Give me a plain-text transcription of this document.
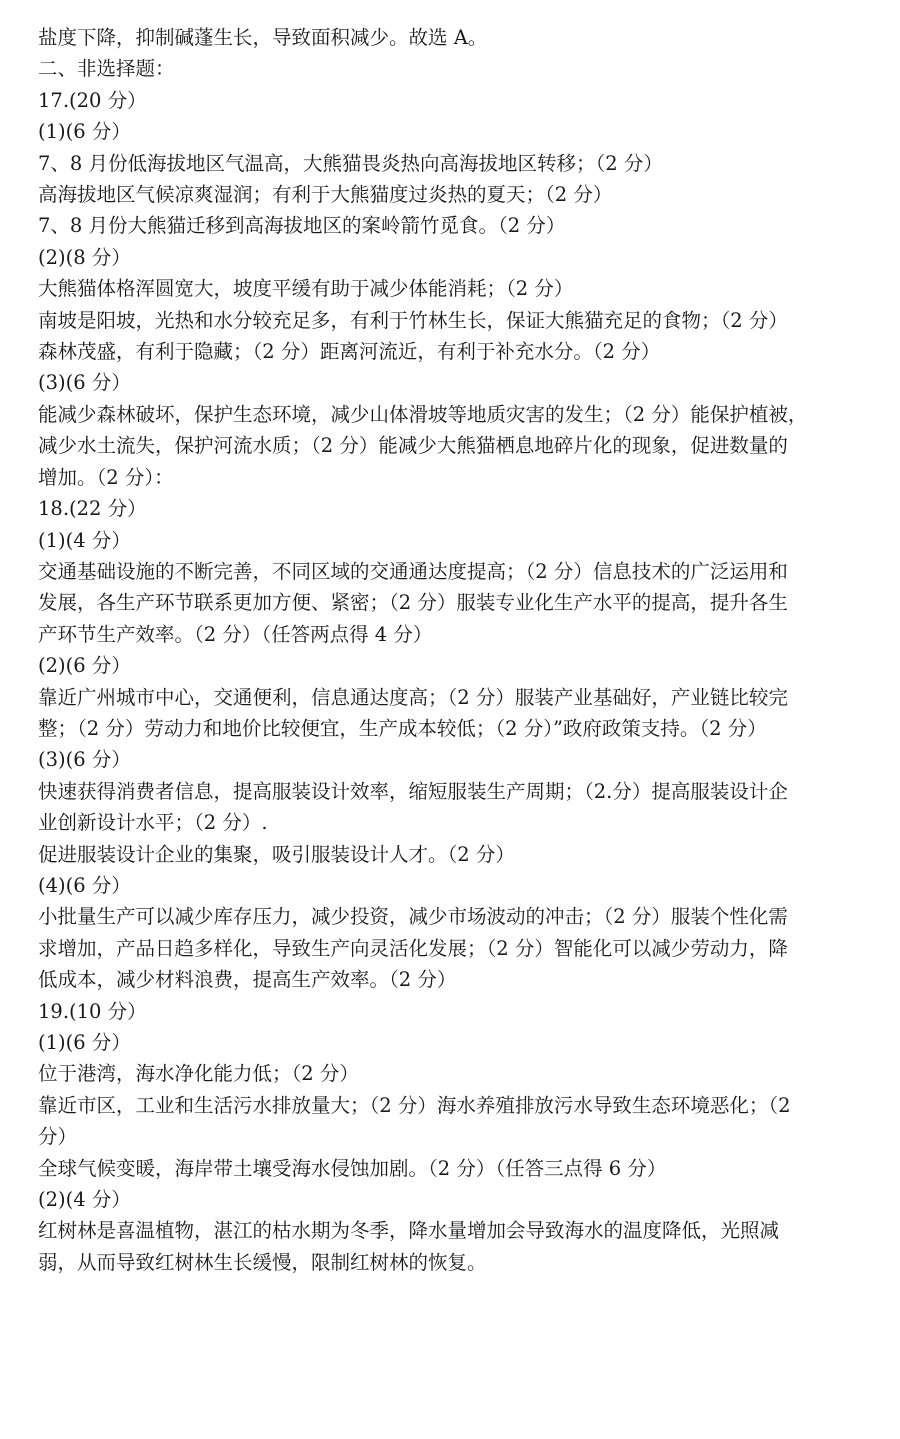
盐度下降，抑制碱蓬生长，导致面积减少。故选 A。
二、非选择题：
17.(20 分）
(1)(6 分）
7、8 月份低海拔地区气温高，大熊猫畏炎热向高海拔地区转移；（2 分）
高海拔地区气候凉爽湿润；有利于大熊猫度过炎热的夏天；（2 分）
7、8 月份大熊猫迁移到高海拔地区的案岭箭竹觅食。（2 分）
(2)(8 分）
大熊猫体格浑圆宽大，坡度平缓有助于减少体能消耗；（2 分）
南坡是阳坡，光热和水分较充足多，有利于竹林生长，保证大熊猫充足的食物；（2 分）
森林茂盛，有利于隐藏；（2 分）距离河流近，有利于补充水分。（2 分）
(3)(6 分）
能减少森林破坏，保护生态环境，减少山体滑坡等地质灾害的发生；（2 分）能保护植被，
减少水土流失，保护河流水质；（2 分）能减少大熊猫栖息地碎片化的现象，促进数量的
增加。（2 分）：
18.(22 分）
(1)(4 分）
交通基础设施的不断完善，不同区域的交通通达度提高；（2 分）信息技术的广泛运用和
发展，各生产环节联系更加方便、紧密；（2 分）服装专业化生产水平的提高，提升各生
产环节生产效率。（2 分）（任答两点得 4 分）
(2)(6 分）
靠近广州城市中心，交通便利，信息通达度高；（2 分）服装产业基础好，产业链比较完
整；（2 分）劳动力和地价比较便宜，生产成本较低；（2 分）”政府政策支持。（2 分）
(3)(6 分）
快速获得消费者信息，提高服装设计效率，缩短服装生产周期；（2.分）提高服装设计企
业创新设计水平；（2 分）.
促进服装设计企业的集聚，吸引服装设计人才。（2 分）
(4)(6 分）
小批量生产可以减少库存压力，减少投资，减少市场波动的冲击；（2 分）服装个性化需
求增加，产品日趋多样化，导致生产向灵活化发展；（2 分）智能化可以减少劳动力，降
低成本，减少材料浪费，提高生产效率。（2 分）
19.(10 分）
(1)(6 分）
位于港湾，海水净化能力低；（2 分）
靠近市区，工业和生活污水排放量大；（2 分）海水养殖排放污水导致生态环境恶化；（2
分）
全球气候变暖，海岸带土壤受海水侵蚀加剧。（2 分）（任答三点得 6 分）
(2)(4 分）
红树林是喜温植物，湛江的枯水期为冬季，降水量增加会导致海水的温度降低，光照减
弱，从而导致红树林生长缓慢，限制红树林的恢复。
